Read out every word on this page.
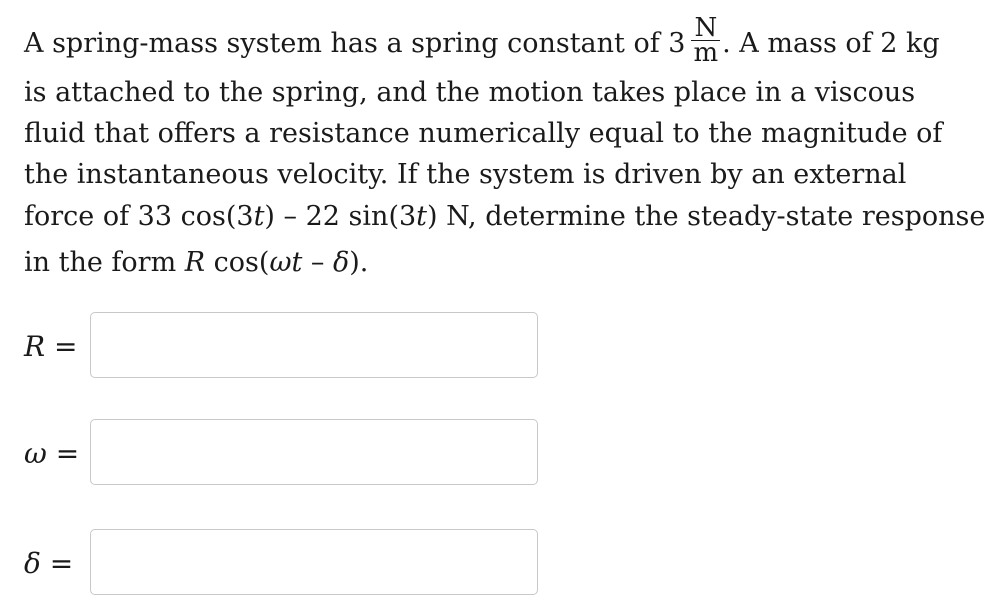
A spring-mass system has a spring constant of $3 \frac{N}{m}$ . A mass of 2 kg
is attached to the spring, and the motion takes place in a viscous
fluid that offers a resistance numerically equal to the magnitude of
the instantaneous velocity. If the system is driven by an external
force of 33 cos(3t) – 22 sin(3t) N, determine the steady-state response
in the form R cos(ωt – δ).
R =
ω =
δ =
